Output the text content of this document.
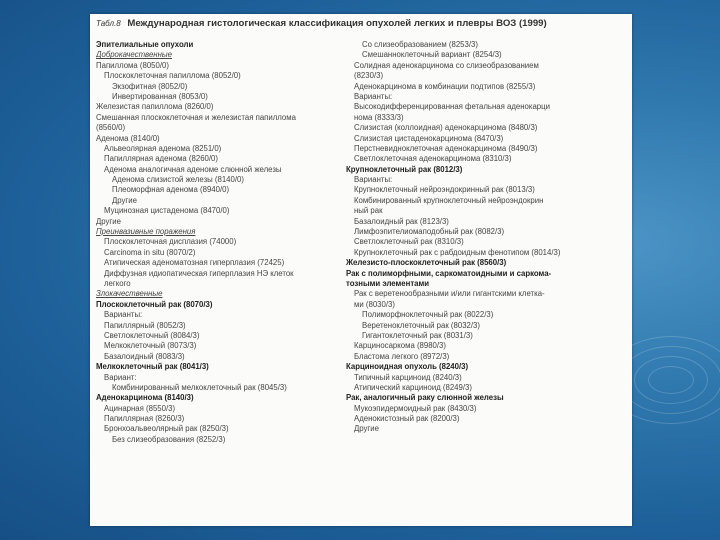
Табл.8 Международная гистологическая классификация опухолей легких и плевры ВОЗ (1999)
Эпителиальные опухоли
Доброкачественные
Папиллома (8050/0)
Плоскоклеточная папиллома (8052/0)
Экзофитная (8052/0)
Инвертированная (8053/0)
Железистая папиллома (8260/0)
Смешанная плоскоклеточная и железистая папиллома
(8560/0)
Аденома (8140/0)
Альвеолярная аденома (8251/0)
Папиллярная аденома (8260/0)
Аденома аналогичная аденоме слюнной железы
Аденома слизистой железы (8140/0)
Плеоморфная аденома (8940/0)
Другие
Муцинозная цистаденома (8470/0)
Другие
Преинвазивные поражения
Плоскоклеточная дисплазия (74000)
Carcinoma in situ (8070/2)
Атипическая аденоматозная гиперплазия (72425)
Диффузная идиопатическая гиперплазия НЭ клеток
легкого
Злокачественные
Плоскоклеточный рак (8070/3)
Варианты:
Папиллярный (8052/3)
Светлоклеточный (8084/3)
Мелкоклеточный (8073/3)
Базалоидный (8083/3)
Мелкоклеточный рак (8041/3)
Вариант:
Комбинированный мелкоклеточный рак (8045/3)
Аденокарцинома (8140/3)
Ацинарная (8550/3)
Папиллярная (8260/3)
Бронхоальвеолярный рак (8250/3)
Без слизеобразования (8252/3)
Со слизеобразованием (8253/3)
Смешанноклеточный вариант (8254/3)
Солидная аденокарцинома со слизеобразованием
(8230/3)
Аденокарцинома в комбинации подтипов (8255/3)
Варианты:
Высокодифференцированная фетальная аденокарци
нома (8333/3)
Слизистая (коллоидная) аденокарцинома (8480/3)
Слизистая цистаденокарцинома (8470/3)
Перстневидноклеточная аденокарцинома (8490/3)
Светлоклеточная аденокарцинома (8310/3)
Крупноклеточный рак (8012/3)
Варианты:
Крупноклеточный нейроэндокринный рак (8013/3)
Комбинированный крупноклеточный нейроэндокрин
ный рак
Базалоидный рак (8123/3)
Лимфоэпителиомаподобный рак (8082/3)
Светлоклеточный рак (8310/3)
Крупноклеточный рак с рабдоидным фенотипом (8014/3)
Железисто-плоскоклеточный рак (8560/3)
Рак с полиморфными, саркоматоидными и саркома-
тозными элементами
Рак с веретенообразными и/или гигантскими клетка-
ми (8030/3)
Полиморфноклеточный рак (8022/3)
Веретеноклеточный рак (8032/3)
Гигантоклеточный рак (8031/3)
Карциносаркома (8980/3)
Бластома легкого (8972/3)
Карциноидная опухоль (8240/3)
Типичный карциноид (8240/3)
Атипический карциноид (8249/3)
Рак, аналогичный раку слюнной железы
Мукоэпидермоидный рак (8430/3)
Аденокистозный рак (8200/3)
Другие
